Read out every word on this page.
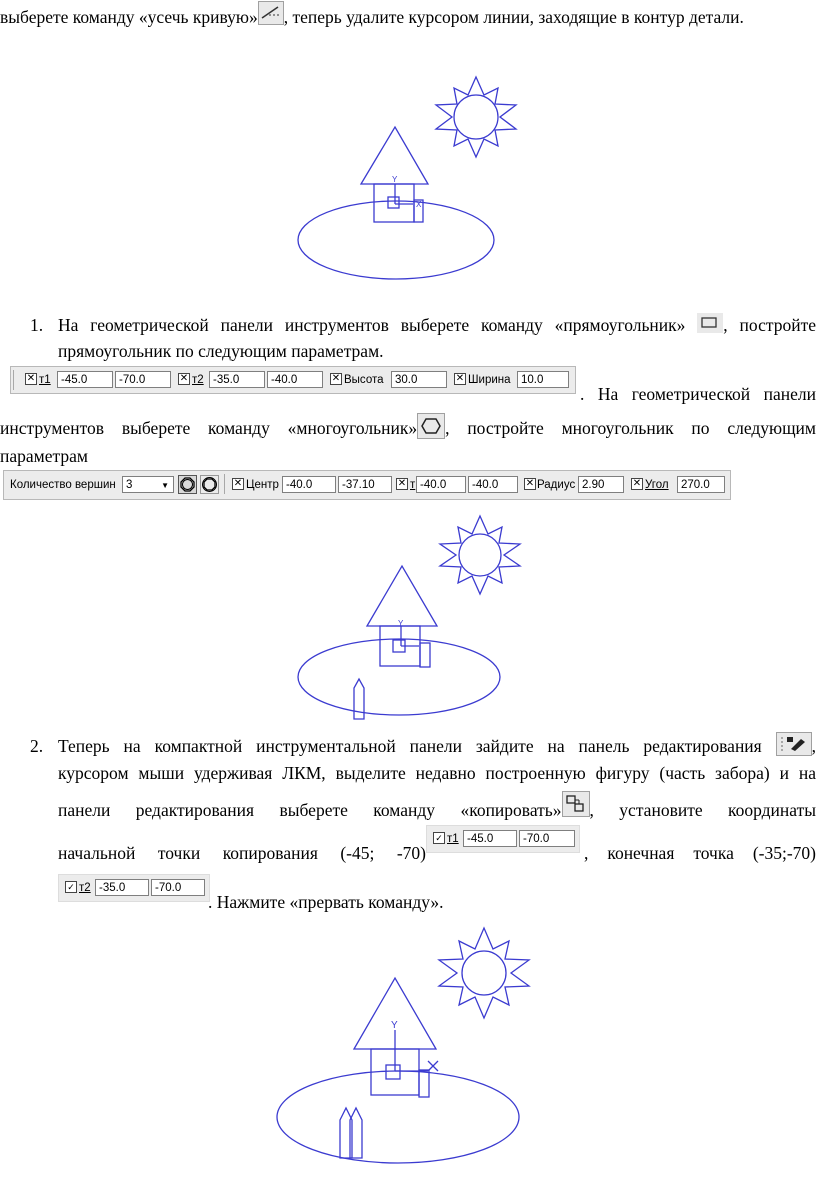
выберете команду «усечь кривую» , теперь удалите курсором линии, заходящие в контур детали.
Y
X
1. На геометрической панели инструментов выберете команду «прямоугольник» , постройте
прямоугольник по следующим параметрам.
✕ т1 -45.0	-70.0	✕ т2 -35.0	-40.0	✕ Высота	30.0	✕ Ширина 10.0
. На геометрической панели
инструментов выберете команду «многоугольник» , постройте многоугольник по следующим
параметрам
Количество вершин 3	▼	✕ Центр -40.0	-37.10	✕ т -40.0	-40.0	✕ Радиус 2.90	✕ Угол	270.0
Y
2. Теперь на компактной инструментальной панели зайдите на панель редактирования	,
курсором мыши удерживая ЛКМ, выделите недавно построенную фигуру (часть забора) и на
панели редактирования выберете команду «копировать» , установите координаты
✓ т1 -45.0	-70.0
начальной точки копирования (-45; -70)	, конечная точка (-35;-70)
✓ т2 -35.0	-70.0
. Нажмите «прервать команду».
Y
